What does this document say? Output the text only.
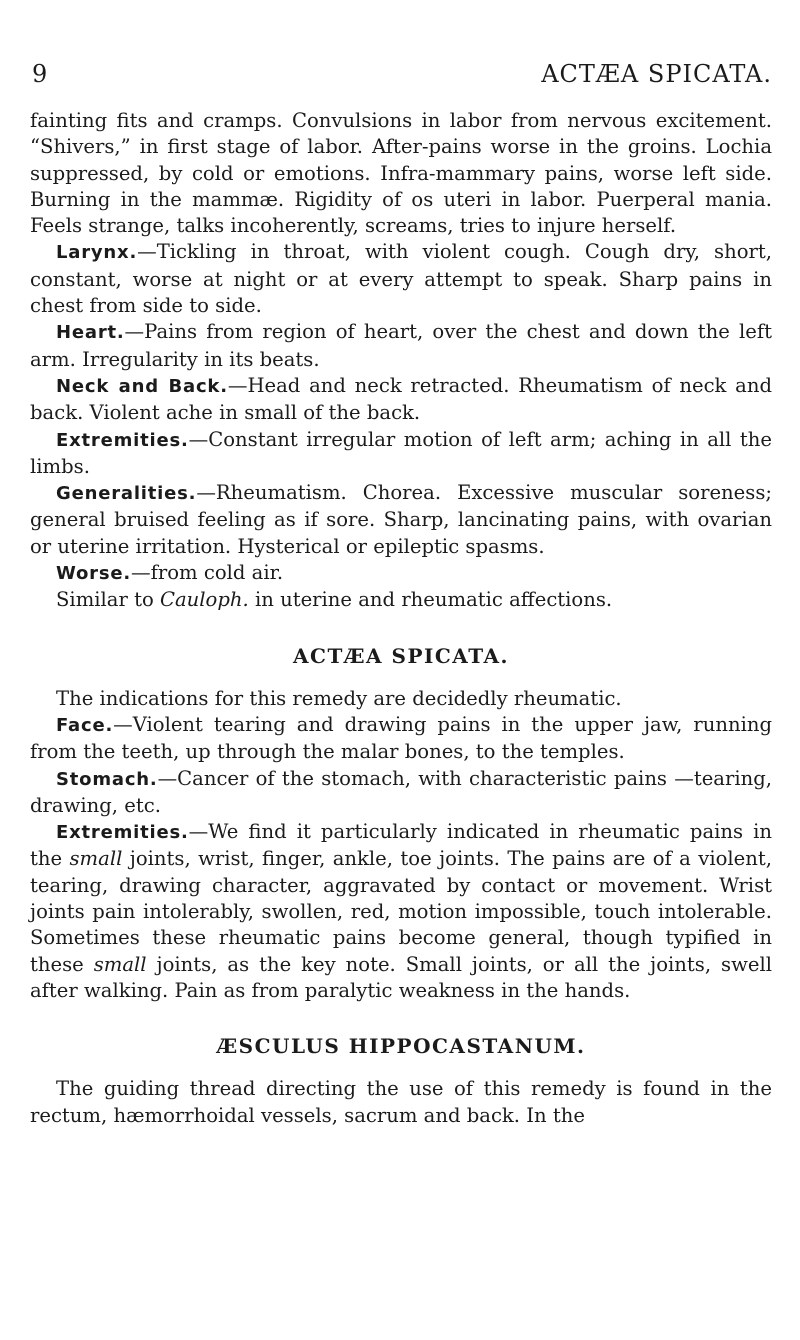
9	ACTÆA SPICATA.

fainting fits and cramps. Convulsions in labor from nervous excitement. “Shivers,” in first stage of labor. After-pains worse in the groins. Lochia suppressed, by cold or emotions. Infra-mammary pains, worse left side. Burning in the mammæ. Rigidity of os uteri in labor. Puerperal mania. Feels strange, talks incoherently, screams, tries to injure herself.

Larynx.—Tickling in throat, with violent cough. Cough dry, short, constant, worse at night or at every attempt to speak. Sharp pains in chest from side to side.

Heart.—Pains from region of heart, over the chest and down the left arm. Irregularity in its beats.

Neck and Back.—Head and neck retracted. Rheumatism of neck and back. Violent ache in small of the back.

Extremities.—Constant irregular motion of left arm; aching in all the limbs.

Generalities.—Rheumatism. Chorea. Excessive muscular soreness; general bruised feeling as if sore. Sharp, lancinating pains, with ovarian or uterine irritation. Hysterical or epileptic spasms.

Worse.—from cold air.

Similar to Cauloph. in uterine and rheumatic affections.

ACTÆA SPICATA.

The indications for this remedy are decidedly rheumatic.

Face.—Violent tearing and drawing pains in the upper jaw, running from the teeth, up through the malar bones, to the temples.

Stomach.—Cancer of the stomach, with characteristic pains —tearing, drawing, etc.

Extremities.—We find it particularly indicated in rheumatic pains in the small joints, wrist, finger, ankle, toe joints. The pains are of a violent, tearing, drawing character, aggravated by contact or movement. Wrist joints pain intolerably, swollen, red, motion impossible, touch intolerable. Sometimes these rheumatic pains become general, though typified in these small joints, as the key note. Small joints, or all the joints, swell after walking. Pain as from paralytic weakness in the hands.

ÆSCULUS HIPPOCASTANUM.

The guiding thread directing the use of this remedy is found in the rectum, hæmorrhoidal vessels, sacrum and back. In the
